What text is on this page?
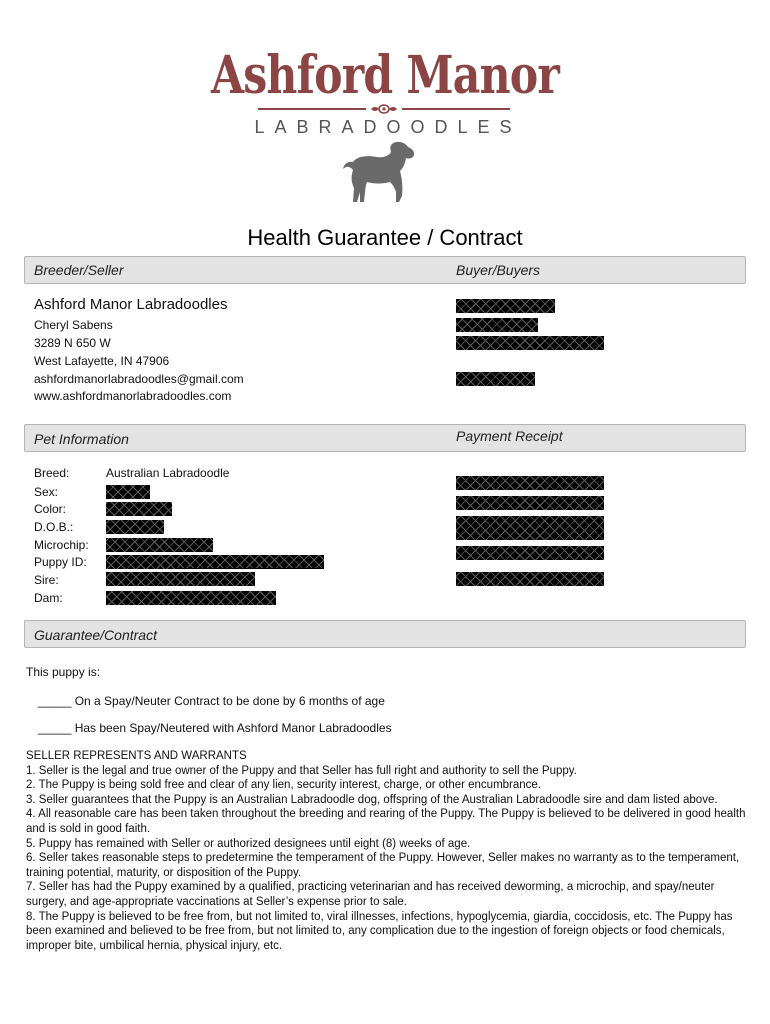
Ashford Manor
LABRADOODLES
Health Guarantee / Contract
Breeder/Seller	Buyer/Buyers
Ashford Manor Labradoodles
Cheryl Sabens
3289 N 650 W
West Lafayette, IN 47906
ashfordmanorlabradoodles@gmail.com
www.ashfordmanorlabradoodles.com
Pet Information	Payment Receipt
Breed:	Australian Labradoodle
Sex:
Color:
D.O.B.:
Microchip:
Puppy ID:
Sire:
Dam:
Guarantee/Contract
This puppy is:
_____ On a Spay/Neuter Contract to be done by 6 months of age
_____ Has been Spay/Neutered with Ashford Manor Labradoodles
SELLER REPRESENTS AND WARRANTS
1. Seller is the legal and true owner of the Puppy and that Seller has full right and authority to sell the Puppy.
2. The Puppy is being sold free and clear of any lien, security interest, charge, or other encumbrance.
3. Seller guarantees that the Puppy is an Australian Labradoodle dog, offspring of the Australian Labradoodle sire and dam listed above.
4. All reasonable care has been taken throughout the breeding and rearing of the Puppy. The Puppy is believed to be delivered in good health and is sold in good faith.
5. Puppy has remained with Seller or authorized designees until eight (8) weeks of age.
6. Seller takes reasonable steps to predetermine the temperament of the Puppy. However, Seller makes no warranty as to the temperament, training potential, maturity, or disposition of the Puppy.
7. Seller has had the Puppy examined by a qualified, practicing veterinarian and has received deworming, a microchip, and spay/neuter surgery, and age-appropriate vaccinations at Seller’s expense prior to sale.
8. The Puppy is believed to be free from, but not limited to, viral illnesses, infections, hypoglycemia, giardia, coccidosis, etc. The Puppy has been examined and believed to be free from, but not limited to, any complication due to the ingestion of foreign objects or food chemicals, improper bite, umbilical hernia, physical injury, etc.
